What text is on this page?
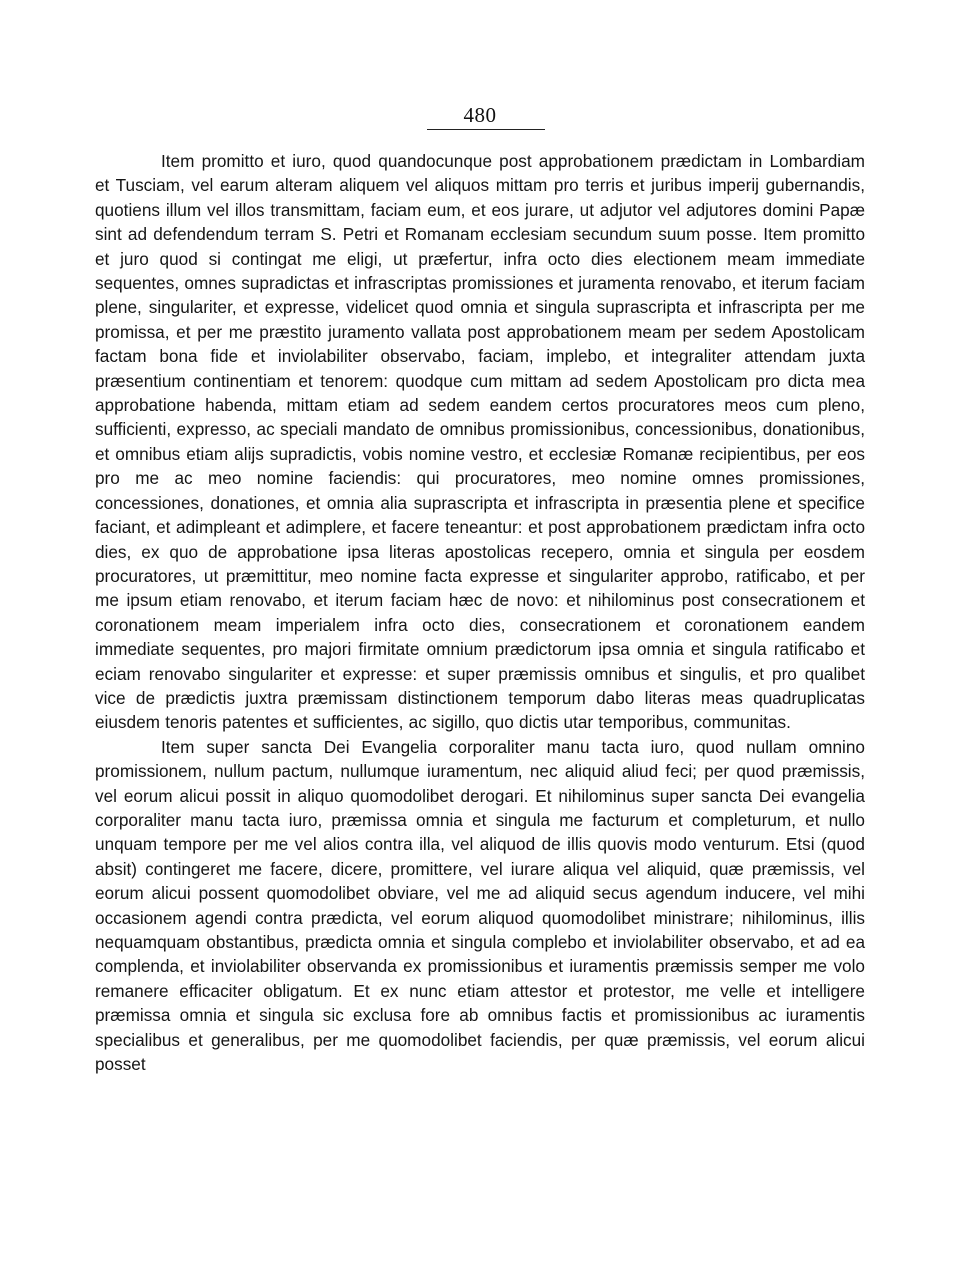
480

Item promitto et iuro, quod quandocunque post approbationem prædictam in Lombardiam et Tusciam, vel earum alteram aliquem vel aliquos mittam pro terris et juribus imperij gubernandis, quotiens illum vel illos transmittam, faciam eum, et eos jurare, ut adjutor vel adjutores domini Papæ sint ad defendendum terram S. Petri et Romanam ecclesiam secundum suum posse. Item promitto et juro quod si contingat me eligi, ut præfertur, infra octo dies electionem meam immediate sequentes, omnes supradictas et infrascriptas promissiones et juramenta renovabo, et iterum faciam plene, singulariter, et expresse, videlicet quod omnia et singula suprascripta et infrascripta per me promissa, et per me præstito juramento vallata post approbationem meam per sedem Apostolicam factam bona fide et inviolabiliter observabo, faciam, implebo, et integraliter attendam juxta præsentium continentiam et tenorem: quodque cum mittam ad sedem Apostolicam pro dicta mea approbatione habenda, mittam etiam ad sedem eandem certos procuratores meos cum pleno, sufficienti, expresso, ac speciali mandato de omnibus promissionibus, concessionibus, donationibus, et omnibus etiam alijs supradictis, vobis nomine vestro, et ecclesiæ Romanæ recipientibus, per eos pro me ac meo nomine faciendis: qui procuratores, meo nomine omnes promissiones, concessiones, donationes, et omnia alia suprascripta et infrascripta in præsentia plene et specifice faciant, et adimpleant et adimplere, et facere teneantur: et post approbationem prædictam infra octo dies, ex quo de approbatione ipsa literas apostolicas recepero, omnia et singula per eosdem procuratores, ut præmittitur, meo nomine facta expresse et singulariter approbo, ratificabo, et per me ipsum etiam renovabo, et iterum faciam hæc de novo: et nihilominus post consecrationem et coronationem meam imperialem infra octo dies, consecrationem et coronationem eandem immediate sequentes, pro majori firmitate omnium prædictorum ipsa omnia et singula ratificabo et eciam renovabo singulariter et expresse: et super præmissis omnibus et singulis, et pro qualibet vice de prædictis juxtra præmissam distinctionem temporum dabo literas meas quadruplicatas eiusdem tenoris patentes et sufficientes, ac sigillo, quo dictis utar temporibus, communitas.

Item super sancta Dei Evangelia corporaliter manu tacta iuro, quod nullam omnino promissionem, nullum pactum, nullumque iuramentum, nec aliquid aliud feci; per quod præmissis, vel eorum alicui possit in aliquo quomodolibet derogari. Et nihilominus super sancta Dei evangelia corporaliter manu tacta iuro, præmissa omnia et singula me facturum et completurum, et nullo unquam tempore per me vel alios contra illa, vel aliquod de illis quovis modo venturum. Etsi (quod absit) contingeret me facere, dicere, promittere, vel iurare aliqua vel aliquid, quæ præmissis, vel eorum alicui possent quomodolibet obviare, vel me ad aliquid secus agendum inducere, vel mihi occasionem agendi contra prædicta, vel eorum aliquod quomodolibet ministrare; nihilominus, illis nequamquam obstantibus, prædicta omnia et singula complebo et inviolabiliter observabo, et ad ea complenda, et inviolabiliter observanda ex promissionibus et iuramentis præmissis semper me volo remanere efficaciter obligatum. Et ex nunc etiam attestor et protestor, me velle et intelligere præmissa omnia et singula sic exclusa fore ab omnibus factis et promissionibus ac iuramentis specialibus et generalibus, per me quomodolibet faciendis, per quæ præmissis, vel eorum alicui posset
